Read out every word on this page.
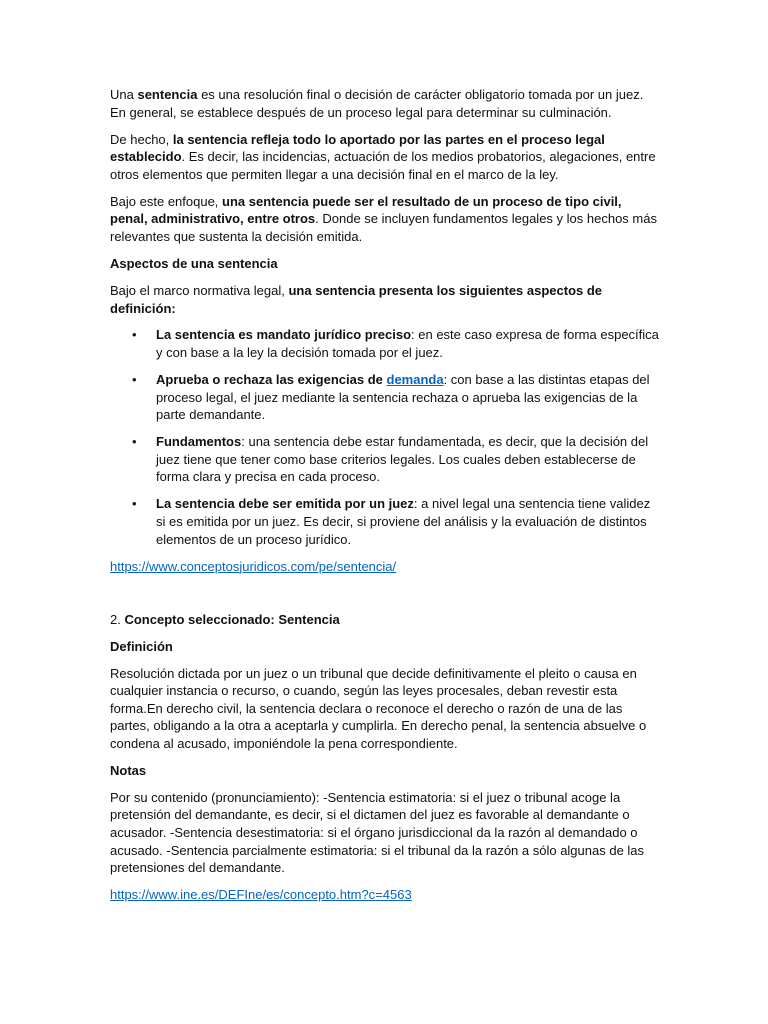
Una sentencia es una resolución final o decisión de carácter obligatorio tomada por un juez. En general, se establece después de un proceso legal para determinar su culminación.

De hecho, la sentencia refleja todo lo aportado por las partes en el proceso legal establecido. Es decir, las incidencias, actuación de los medios probatorios, alegaciones, entre otros elementos que permiten llegar a una decisión final en el marco de la ley.

Bajo este enfoque, una sentencia puede ser el resultado de un proceso de tipo civil, penal, administrativo, entre otros. Donde se incluyen fundamentos legales y los hechos más relevantes que sustenta la decisión emitida.

Aspectos de una sentencia

Bajo el marco normativa legal, una sentencia presenta los siguientes aspectos de definición:

• La sentencia es mandato jurídico preciso: en este caso expresa de forma específica y con base a la ley la decisión tomada por el juez.
• Aprueba o rechaza las exigencias de demanda: con base a las distintas etapas del proceso legal, el juez mediante la sentencia rechaza o aprueba las exigencias de la parte demandante.
• Fundamentos: una sentencia debe estar fundamentada, es decir, que la decisión del juez tiene que tener como base criterios legales. Los cuales deben establecerse de forma clara y precisa en cada proceso.
• La sentencia debe ser emitida por un juez: a nivel legal una sentencia tiene validez si es emitida por un juez. Es decir, si proviene del análisis y la evaluación de distintos elementos de un proceso jurídico.

https://www.conceptosjuridicos.com/pe/sentencia/

2. Concepto seleccionado: Sentencia

Definición

Resolución dictada por un juez o un tribunal que decide definitivamente el pleito o causa en cualquier instancia o recurso, o cuando, según las leyes procesales, deban revestir esta forma.En derecho civil, la sentencia declara o reconoce el derecho o razón de una de las partes, obligando a la otra a aceptarla y cumplirla. En derecho penal, la sentencia absuelve o condena al acusado, imponiéndole la pena correspondiente.

Notas

Por su contenido (pronunciamiento): -Sentencia estimatoria: si el juez o tribunal acoge la pretensión del demandante, es decir, si el dictamen del juez es favorable al demandante o acusador. -Sentencia desestimatoria: si el órgano jurisdiccional da la razón al demandado o acusado. -Sentencia parcialmente estimatoria: si el tribunal da la razón a sólo algunas de las pretensiones del demandante.

https://www.ine.es/DEFIne/es/concepto.htm?c=4563
